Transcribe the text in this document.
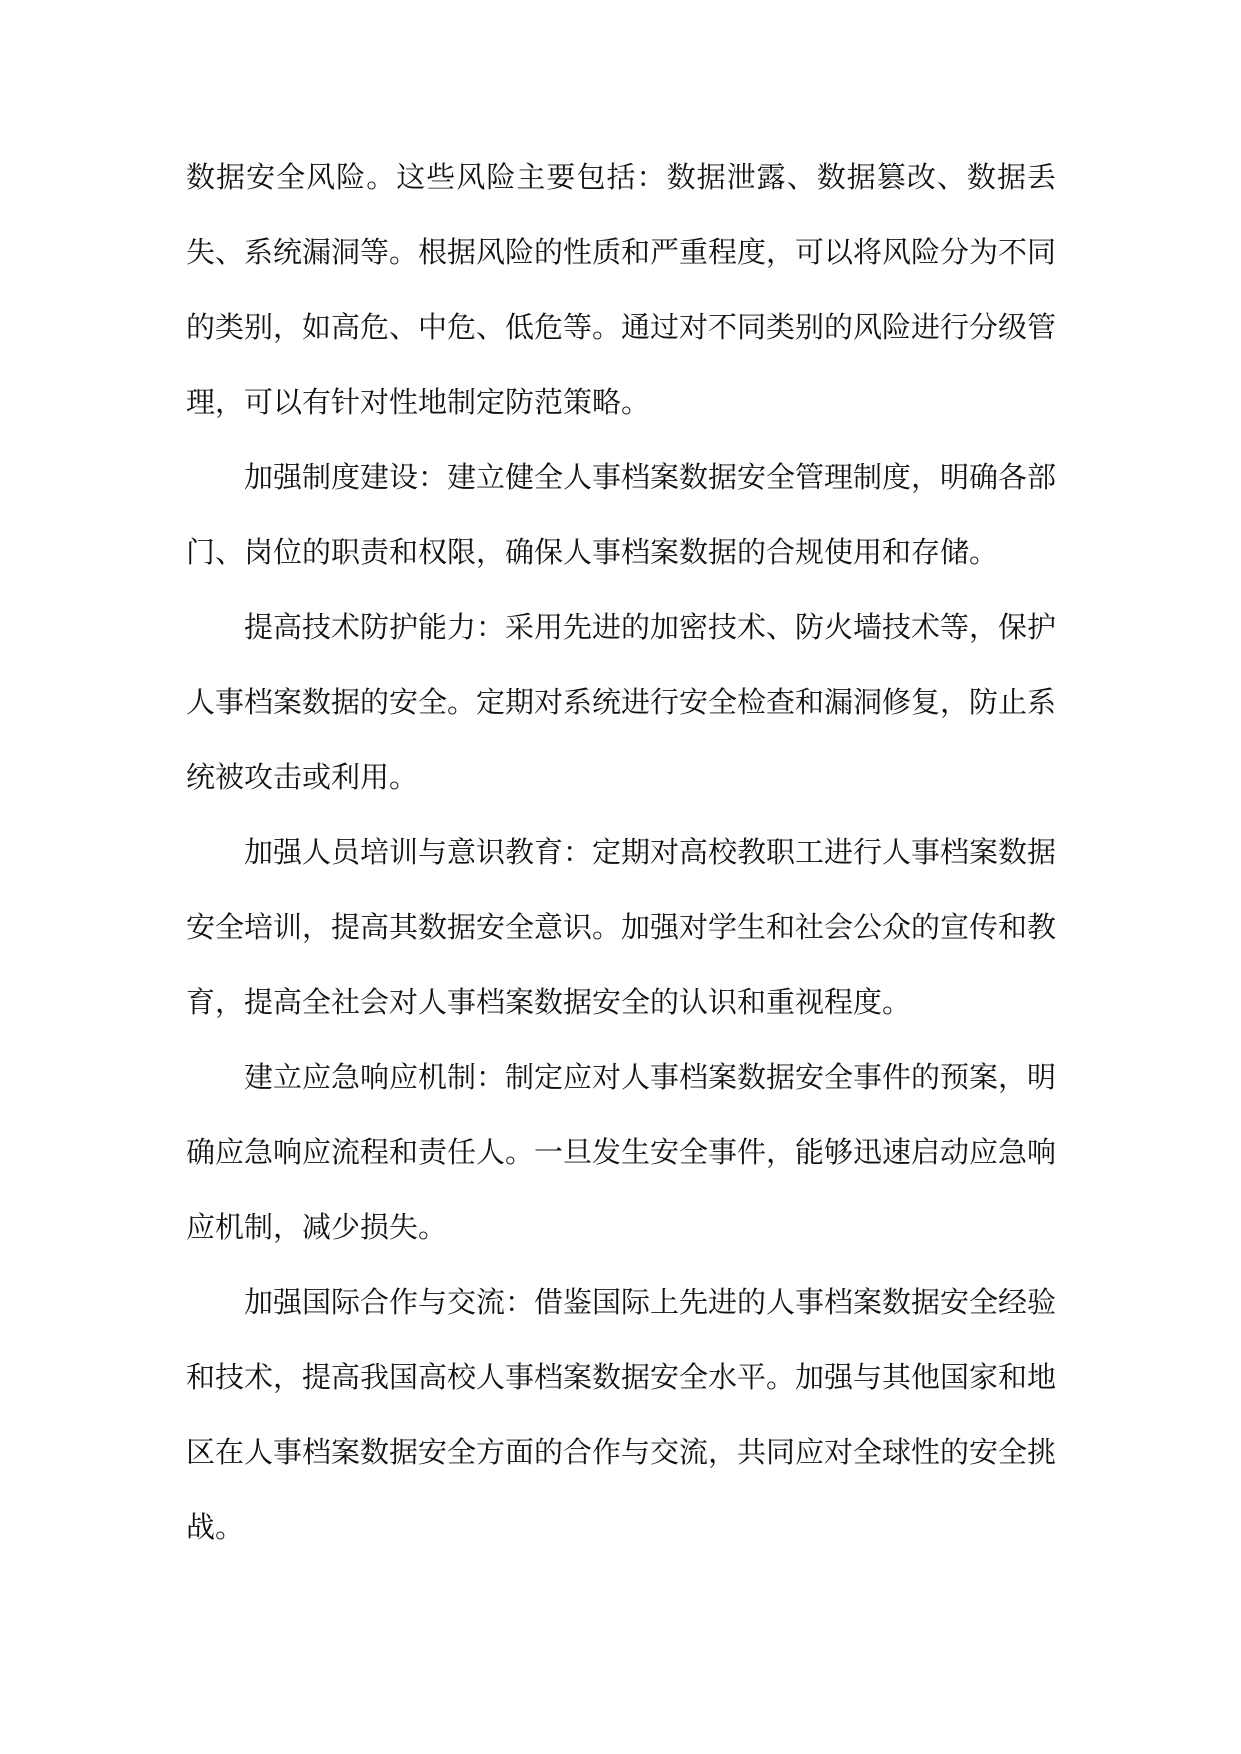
数据安全风险。这些风险主要包括：数据泄露、数据篡改、数据丢失、系统漏洞等。根据风险的性质和严重程度，可以将风险分为不同的类别，如高危、中危、低危等。通过对不同类别的风险进行分级管理，可以有针对性地制定防范策略。

加强制度建设：建立健全人事档案数据安全管理制度，明确各部门、岗位的职责和权限，确保人事档案数据的合规使用和存储。

提高技术防护能力：采用先进的加密技术、防火墙技术等，保护人事档案数据的安全。定期对系统进行安全检查和漏洞修复，防止系统被攻击或利用。

加强人员培训与意识教育：定期对高校教职工进行人事档案数据安全培训，提高其数据安全意识。加强对学生和社会公众的宣传和教育，提高全社会对人事档案数据安全的认识和重视程度。

建立应急响应机制：制定应对人事档案数据安全事件的预案，明确应急响应流程和责任人。一旦发生安全事件，能够迅速启动应急响应机制，减少损失。

加强国际合作与交流：借鉴国际上先进的人事档案数据安全经验和技术，提高我国高校人事档案数据安全水平。加强与其他国家和地区在人事档案数据安全方面的合作与交流，共同应对全球性的安全挑战。
